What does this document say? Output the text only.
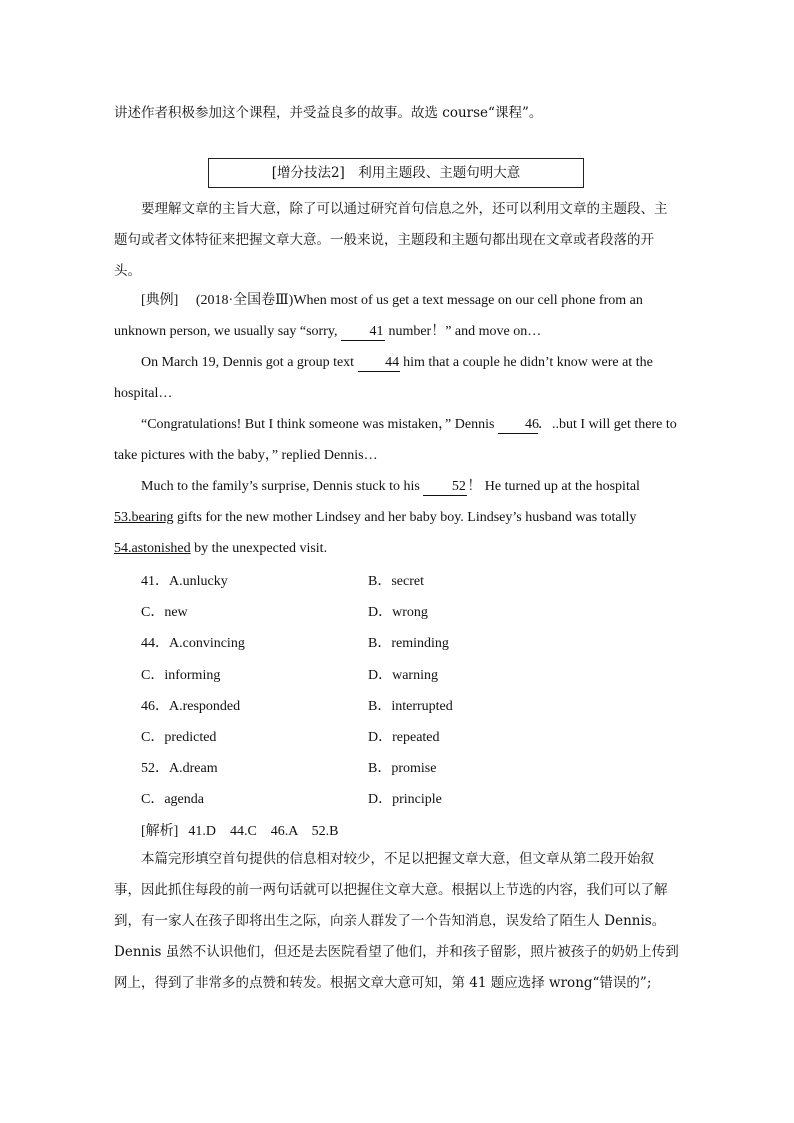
讲述作者积极参加这个课程，并受益良多的故事。故选 course“课程”。

[增分技法2]　利用主题段、主题句明大意

要理解文章的主旨大意，除了可以通过研究首句信息之外，还可以利用文章的主题段、主题句或者文体特征来把握文章大意。一般来说，主题段和主题句都出现在文章或者段落的开头。

[典例]　 (2018·全国卷Ⅲ)When most of us get a text message on our cell phone from an unknown person, we usually say “sorry, 41 number！” and move on…

On March 19, Dennis got a group text 44 him that a couple he didn’t know were at the hospital…

“Congratulations! But I think someone was mistaken，” Dennis 46．..but I will get there to take pictures with the baby，” replied Dennis…

Much to the family’s surprise, Dennis stuck to his 52 ！ He turned up at the hospital 53.bearing gifts for the new mother Lindsey and her baby boy. Lindsey’s husband was totally 54.astonished by the unexpected visit.

41．A.unlucky	B．secret
C．new	D．wrong
44．A.convincing	B．reminding
C．informing	D．warning
46．A.responded	B．interrupted
C．predicted	D．repeated
52．A.dream	B．promise
C．agenda	D．principle
[解析] 41.D　44.C　46.A　52.B

本篇完形填空首句提供的信息相对较少，不足以把握文章大意，但文章从第二段开始叙事，因此抓住每段的前一两句话就可以把握住文章大意。根据以上节选的内容，我们可以了解到，有一家人在孩子即将出生之际，向亲人群发了一个告知消息，误发给了陌生人 Dennis。Dennis 虽然不认识他们，但还是去医院看望了他们，并和孩子留影，照片被孩子的奶奶上传到网上，得到了非常多的点赞和转发。根据文章大意可知，第 41 题应选择 wrong“错误的”;
